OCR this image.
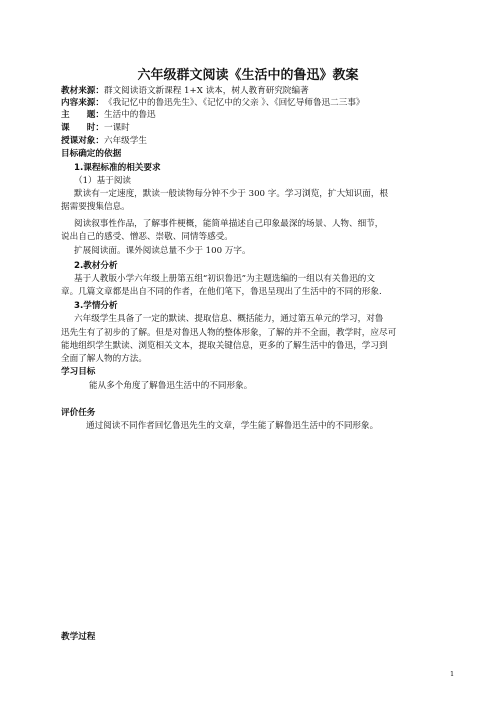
六年级群文阅读《生活中的鲁迅》教案
教材来源：群文阅读语文新课程 1+X 读本，树人教育研究院编著
内容来源：《我记忆中的鲁迅先生》、《记忆中的父亲 》、《回忆导师鲁迅二三事》
主　　题：生活中的鲁迅
课　　时：一课时
授课对象：六年级学生
目标确定的依据
1.课程标准的相关要求
（1）基于阅读
默读有一定速度，默读一般读物每分钟不少于 300 字。学习浏览，扩大知识面，根
据需要搜集信息。
阅读叙事性作品，了解事件梗概，能简单描述自己印象最深的场景、人物、细节，
说出自己的感受、憎恶、崇敬、同情等感受。
扩展阅读面。课外阅读总量不少于 100 万字。
2.教材分析
基于人教版小学六年级上册第五组“初识鲁迅”为主题选编的一组以有关鲁迅的文
章。几篇文章都是出自不同的作者，在他们笔下，鲁迅呈现出了生活中的不同的形象.
3.学情分析
六年级学生具备了一定的默读、提取信息、概括能力，通过第五单元的学习，对鲁
迅先生有了初步的了解。但是对鲁迅人物的整体形象，了解的并不全面，教学时，应尽可
能地组织学生默读、浏览相关文本，提取关键信息，更多的了解生活中的鲁迅，学习到
全面了解人物的方法。
学习目标
能从多个角度了解鲁迅生活中的不同形象。
评价任务
通过阅读不同作者回忆鲁迅先生的文章，学生能了解鲁迅生活中的不同形象。
教学过程
1
